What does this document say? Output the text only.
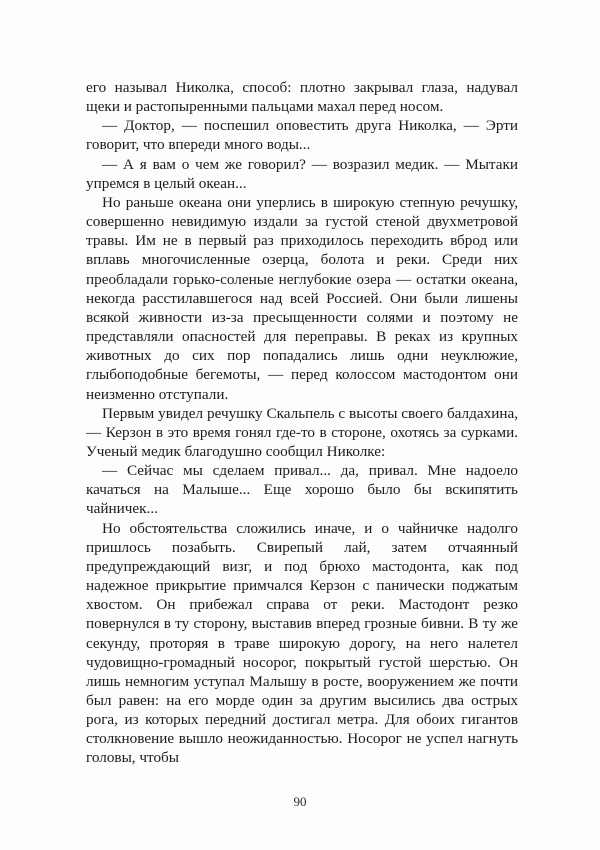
его называл Николка, способ: плотно закрывал глаза, надувал щеки и растопыренными пальцами махал перед носом.

— Доктор, — поспешил оповестить друга Николка, — Эрти говорит, что впереди много воды...

— А я вам о чем же говорил? — возразил медик. — Мытаки упремся в целый океан...

Но раньше океана они уперлись в широкую степную речушку, совершенно невидимую издали за густой стеной двухметровой травы. Им не в первый раз приходилось переходить вброд или вплавь многочисленные озерца, болота и реки. Среди них преобладали горько-соленые неглубокие озера — остатки океана, некогда расстилавшегося над всей Россией. Они были лишены всякой живности из-за пресыщенности солями и поэтому не представляли опасностей для переправы. В реках из крупных животных до сих пор попадались лишь одни неуклюжие, глыбоподобные бегемоты, — перед колоссом мастодонтом они неизменно отступали.

Первым увидел речушку Скальпель с высоты своего балдахина, — Керзон в это время гонял где-то в стороне, охотясь за сурками. Ученый медик благодушно сообщил Николке:

— Сейчас мы сделаем привал... да, привал. Мне надоело качаться на Малыше... Еще хорошо было бы вскипятить чайничек...

Но обстоятельства сложились иначе, и о чайничке надолго пришлось позабыть. Свирепый лай, затем отчаянный предупреждающий визг, и под брюхо мастодонта, как под надежное прикрытие примчался Керзон с панически поджатым хвостом. Он прибежал справа от реки. Мастодонт резко повернулся в ту сторону, выставив вперед грозные бивни. В ту же секунду, проторяя в траве широкую дорогу, на него налетел чудовищно-громадный носорог, покрытый густой шерстью. Он лишь немногим уступал Малышу в росте, вооружением же почти был равен: на его морде один за другим высились два острых рога, из которых передний достигал метра. Для обоих гигантов столкновение вышло неожиданностью. Носорог не успел нагнуть головы, чтобы

90
